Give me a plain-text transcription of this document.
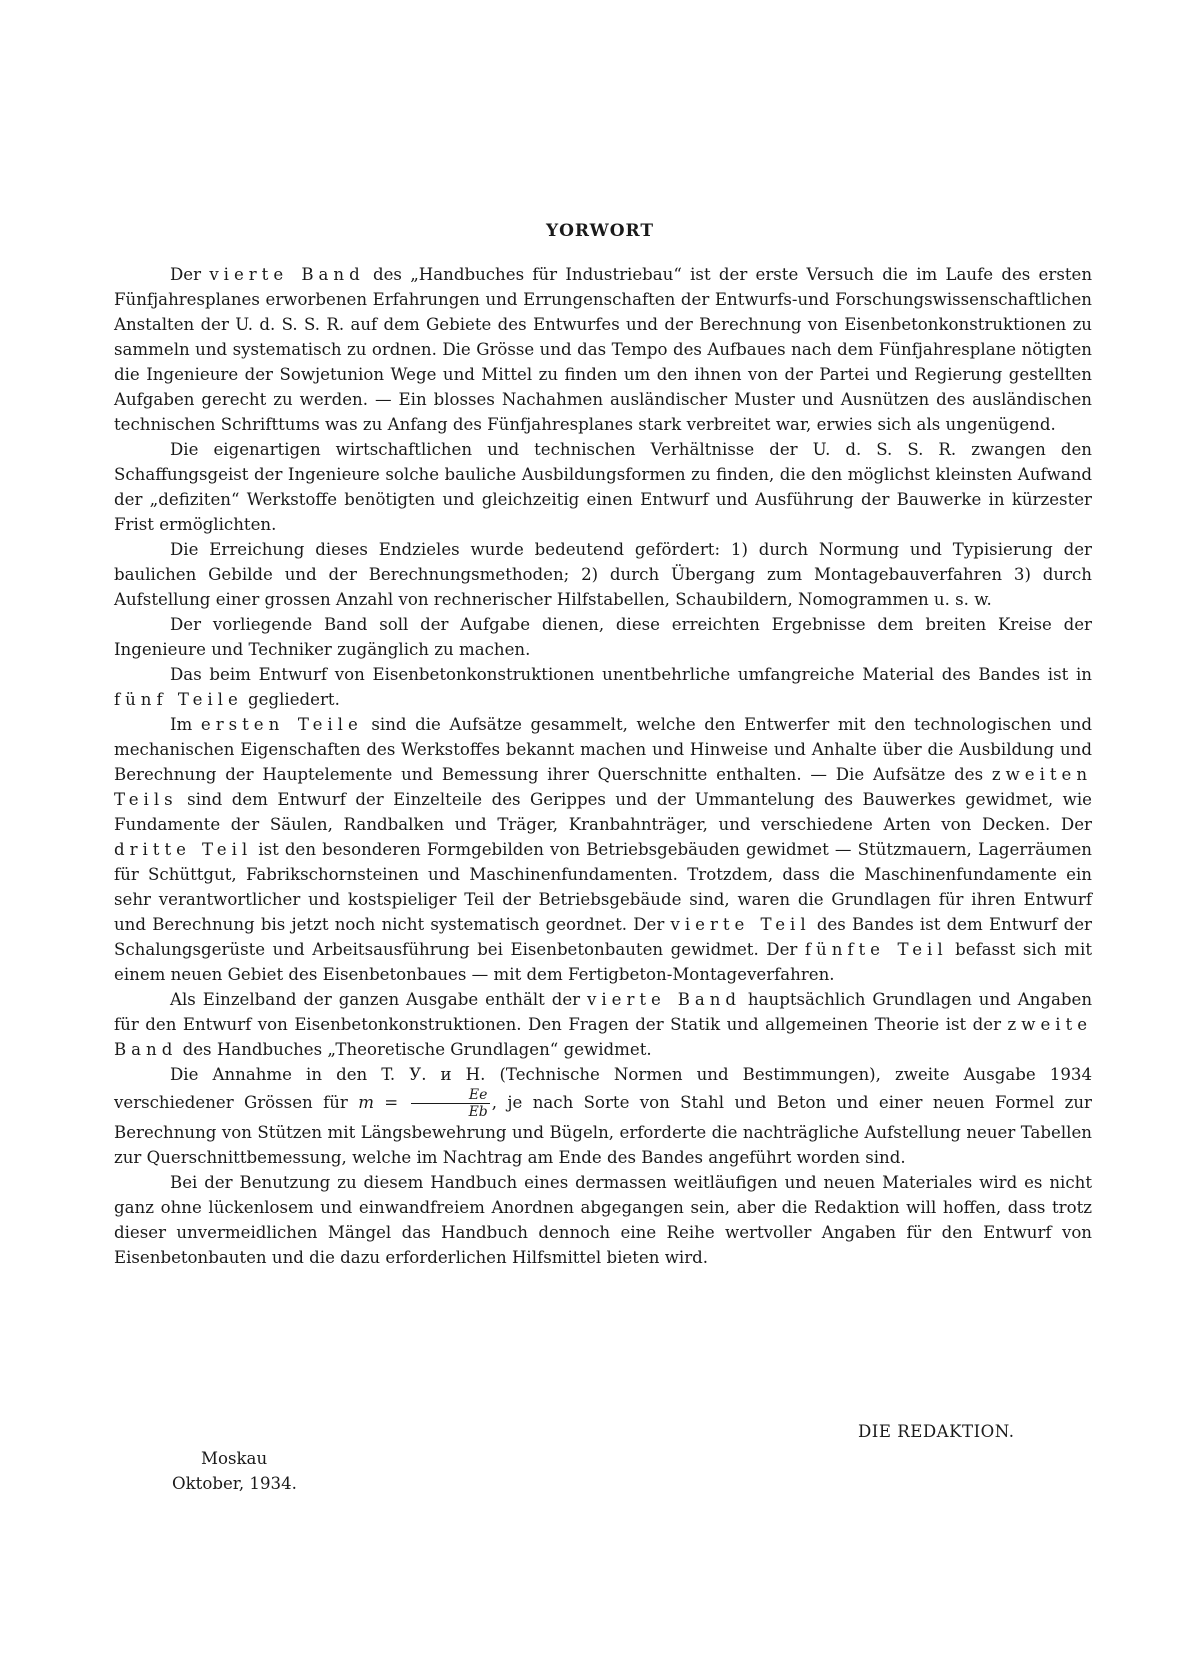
YORWORT

Der vierte Band des „Handbuches für Industriebau“ ist der erste Versuch die im Laufe des ersten Fünfjahresplanes erworbenen Erfahrungen und Errungenschaften der Entwurfs-und Forschungswissenschaftlichen Anstalten der U. d. S. S. R. auf dem Gebiete des Entwurfes und der Berechnung von Eisenbetonkonstruktionen zu sammeln und systematisch zu ordnen. Die Grösse und das Tempo des Aufbaues nach dem Fünfjahresplane nötigten die Ingenieure der Sowjetunion Wege und Mittel zu finden um den ihnen von der Partei und Regierung gestellten Aufgaben gerecht zu werden. — Ein blosses Nachahmen ausländischer Muster und Ausnützen des ausländischen technischen Schrifttums was zu Anfang des Fünfjahresplanes stark verbreitet war, erwies sich als ungenügend.

Die eigenartigen wirtschaftlichen und technischen Verhältnisse der U. d. S. S. R. zwangen den Schaffungsgeist der Ingenieure solche bauliche Ausbildungsformen zu finden, die den möglichst kleinsten Aufwand der „defiziten“ Werkstoffe benötigten und gleichzeitig einen Entwurf und Ausführung der Bauwerke in kürzester Frist ermöglichten.

Die Erreichung dieses Endzieles wurde bedeutend gefördert: 1) durch Normung und Typisierung der baulichen Gebilde und der Berechnungsmethoden; 2) durch Übergang zum Montagebauverfahren 3) durch Aufstellung einer grossen Anzahl von rechnerischer Hilfstabellen, Schaubildern, Nomogrammen u. s. w.

Der vorliegende Band soll der Aufgabe dienen, diese erreichten Ergebnisse dem breiten Kreise der Ingenieure und Techniker zugänglich zu machen.

Das beim Entwurf von Eisenbetonkonstruktionen unentbehrliche umfangreiche Material des Bandes ist in fünf Teile gegliedert.

Im ersten Teile sind die Aufsätze gesammelt, welche den Entwerfer mit den technologischen und mechanischen Eigenschaften des Werkstoffes bekannt machen und Hinweise und Anhalte über die Ausbildung und Berechnung der Hauptelemente und Bemessung ihrer Querschnitte enthalten. — Die Aufsätze des zweiten Teils sind dem Entwurf der Einzelteile des Gerippes und der Ummantelung des Bauwerkes gewidmet, wie Fundamente der Säulen, Randbalken und Träger, Kranbahnträger, und verschiedene Arten von Decken. Der dritte Teil ist den besonderen Formgebilden von Betriebsgebäuden gewidmet — Stützmauern, Lagerräumen für Schüttgut, Fabrikschornsteinen und Maschinenfundamenten. Trotzdem, dass die Maschinenfundamente ein sehr verantwortlicher und kostspieliger Teil der Betriebsgebäude sind, waren die Grundlagen für ihren Entwurf und Berechnung bis jetzt noch nicht systematisch geordnet. Der vierte Teil des Bandes ist dem Entwurf der Schalungsgerüste und Arbeitsausführung bei Eisenbetonbauten gewidmet. Der fünfte Teil befasst sich mit einem neuen Gebiet des Eisenbetonbaues — mit dem Fertigbeton-Montageverfahren.

Als Einzelband der ganzen Ausgabe enthält der vierte Band hauptsächlich Grundlagen und Angaben für den Entwurf von Eisenbetonkonstruktionen. Den Fragen der Statik und allgemeinen Theorie ist der zweite Band des Handbuches „Theoretische Grundlagen“ gewidmet.

Die Annahme in den T. У. и Н. (Technische Normen und Bestimmungen), zweite Ausgabe 1934 verschiedener Grössen für $m = \frac{Ee}{Eb}$ , je nach Sorte von Stahl und Beton und einer neuen Formel zur Berechnung von Stützen mit Längsbewehrung und Bügeln, erforderte die nachträgliche Aufstellung neuer Tabellen zur Querschnittbemessung, welche im Nachtrag am Ende des Bandes angeführt worden sind.

Bei der Benutzung zu diesem Handbuch eines dermassen weitläufigen und neuen Materiales wird es nicht ganz ohne lückenlosem und einwandfreiem Anordnen abgegangen sein, aber die Redaktion will hoffen, dass trotz dieser unvermeidlichen Mängel das Handbuch dennoch eine Reihe wertvoller Angaben für den Entwurf von Eisenbetonbauten und die dazu erforderlichen Hilfsmittel bieten wird.

DIE REDAKTION.
Moskau
Oktober, 1934.
